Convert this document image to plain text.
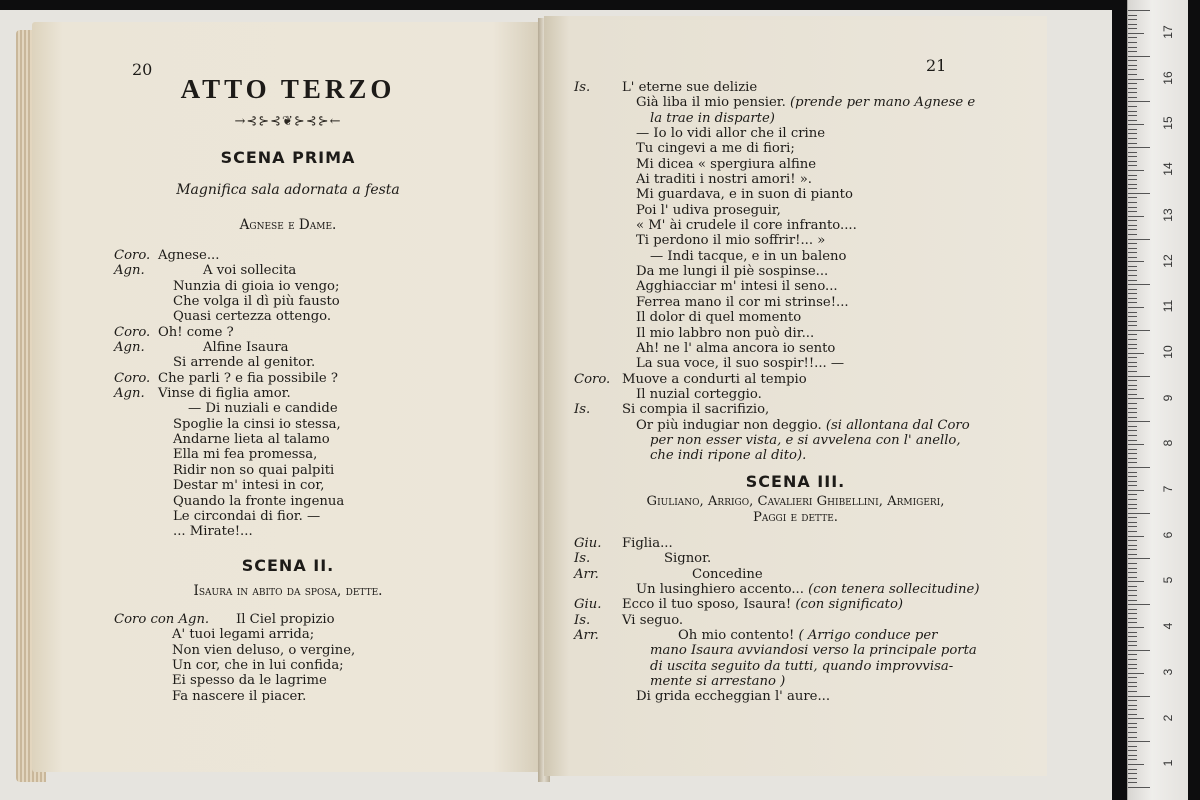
17
16
15
14
13
12
11
10
9
8
7
6
5
4
3
2
1
20
ATTO TERZO
→⊰⊱⊰❦⊱⊰⊱←
SCENA PRIMA
Magnifica sala adornata a festa
Agnese e Dame.
Coro. Agnese...
Agn.	A voi sollecita
Nunzia di gioia io vengo;
Che volga il dì più fausto
Quasi certezza ottengo.
Coro. Oh! come ?
Agn.	Alfine Isaura
Si arrende al genitor.
Coro. Che parli ? e fia possibile ?
Agn. Vinse di figlia amor.
— Di nuziali e candide
Spoglie la cinsi io stessa,
Andarne lieta al talamo
Ella mi fea promessa,
Ridir non so quai palpiti
Destar m' intesi in cor,
Quando la fronte ingenua
Le circondai di fior. —
... Mirate!...
SCENA II.
Isaura in abito da sposa, dette.
Coro con Agn. Il Ciel propizio
A' tuoi legami arrida;
Non vien deluso, o vergine,
Un cor, che in lui confida;
Ei spesso da le lagrime
Fa nascere il piacer.
21
Is. L' eterne sue delizie
Già liba il mio pensier. (prende per mano Agnese e
la trae in disparte)
— Io lo vidi allor che il crine
Tu cingevi a me di fiori;
Mi dicea « spergiura alfine
Ai traditi i nostri amori! ».
Mi guardava, e in suon di pianto
Poi l' udiva proseguir,
« M' ài crudele il core infranto....
Ti perdono il mio soffrir!... »
— Indi tacque, e in un baleno
Da me lungi il piè sospinse...
Agghiacciar m' intesi il seno...
Ferrea mano il cor mi strinse!...
Il dolor di quel momento
Il mio labbro non può dir...
Ah! ne l' alma ancora io sento
La sua voce, il suo sospir!!... —
Coro. Muove a condurti al tempio
Il nuzial corteggio.
Is. Si compia il sacrifizio,
Or più indugiar non deggio. (si allontana dal Coro
per non esser vista, e si avvelena con l' anello,
che indi ripone al dito).
SCENA III.
Giuliano, Arrigo, Cavalieri Ghibellini, Armigeri,
Paggi e dette.
Giu. Figlia...
Is.	Signor.
Arr.	Concedine
Un lusinghiero accento... (con tenera sollecitudine)
Giu. Ecco il tuo sposo, Isaura! (con significato)
Is. Vi seguo.
Arr.	Oh mio contento! ( Arrigo conduce per
mano Isaura avviandosi verso la principale porta
di uscita seguito da tutti, quando improvvisa-
mente si arrestano )
Di grida eccheggian l' aure...
